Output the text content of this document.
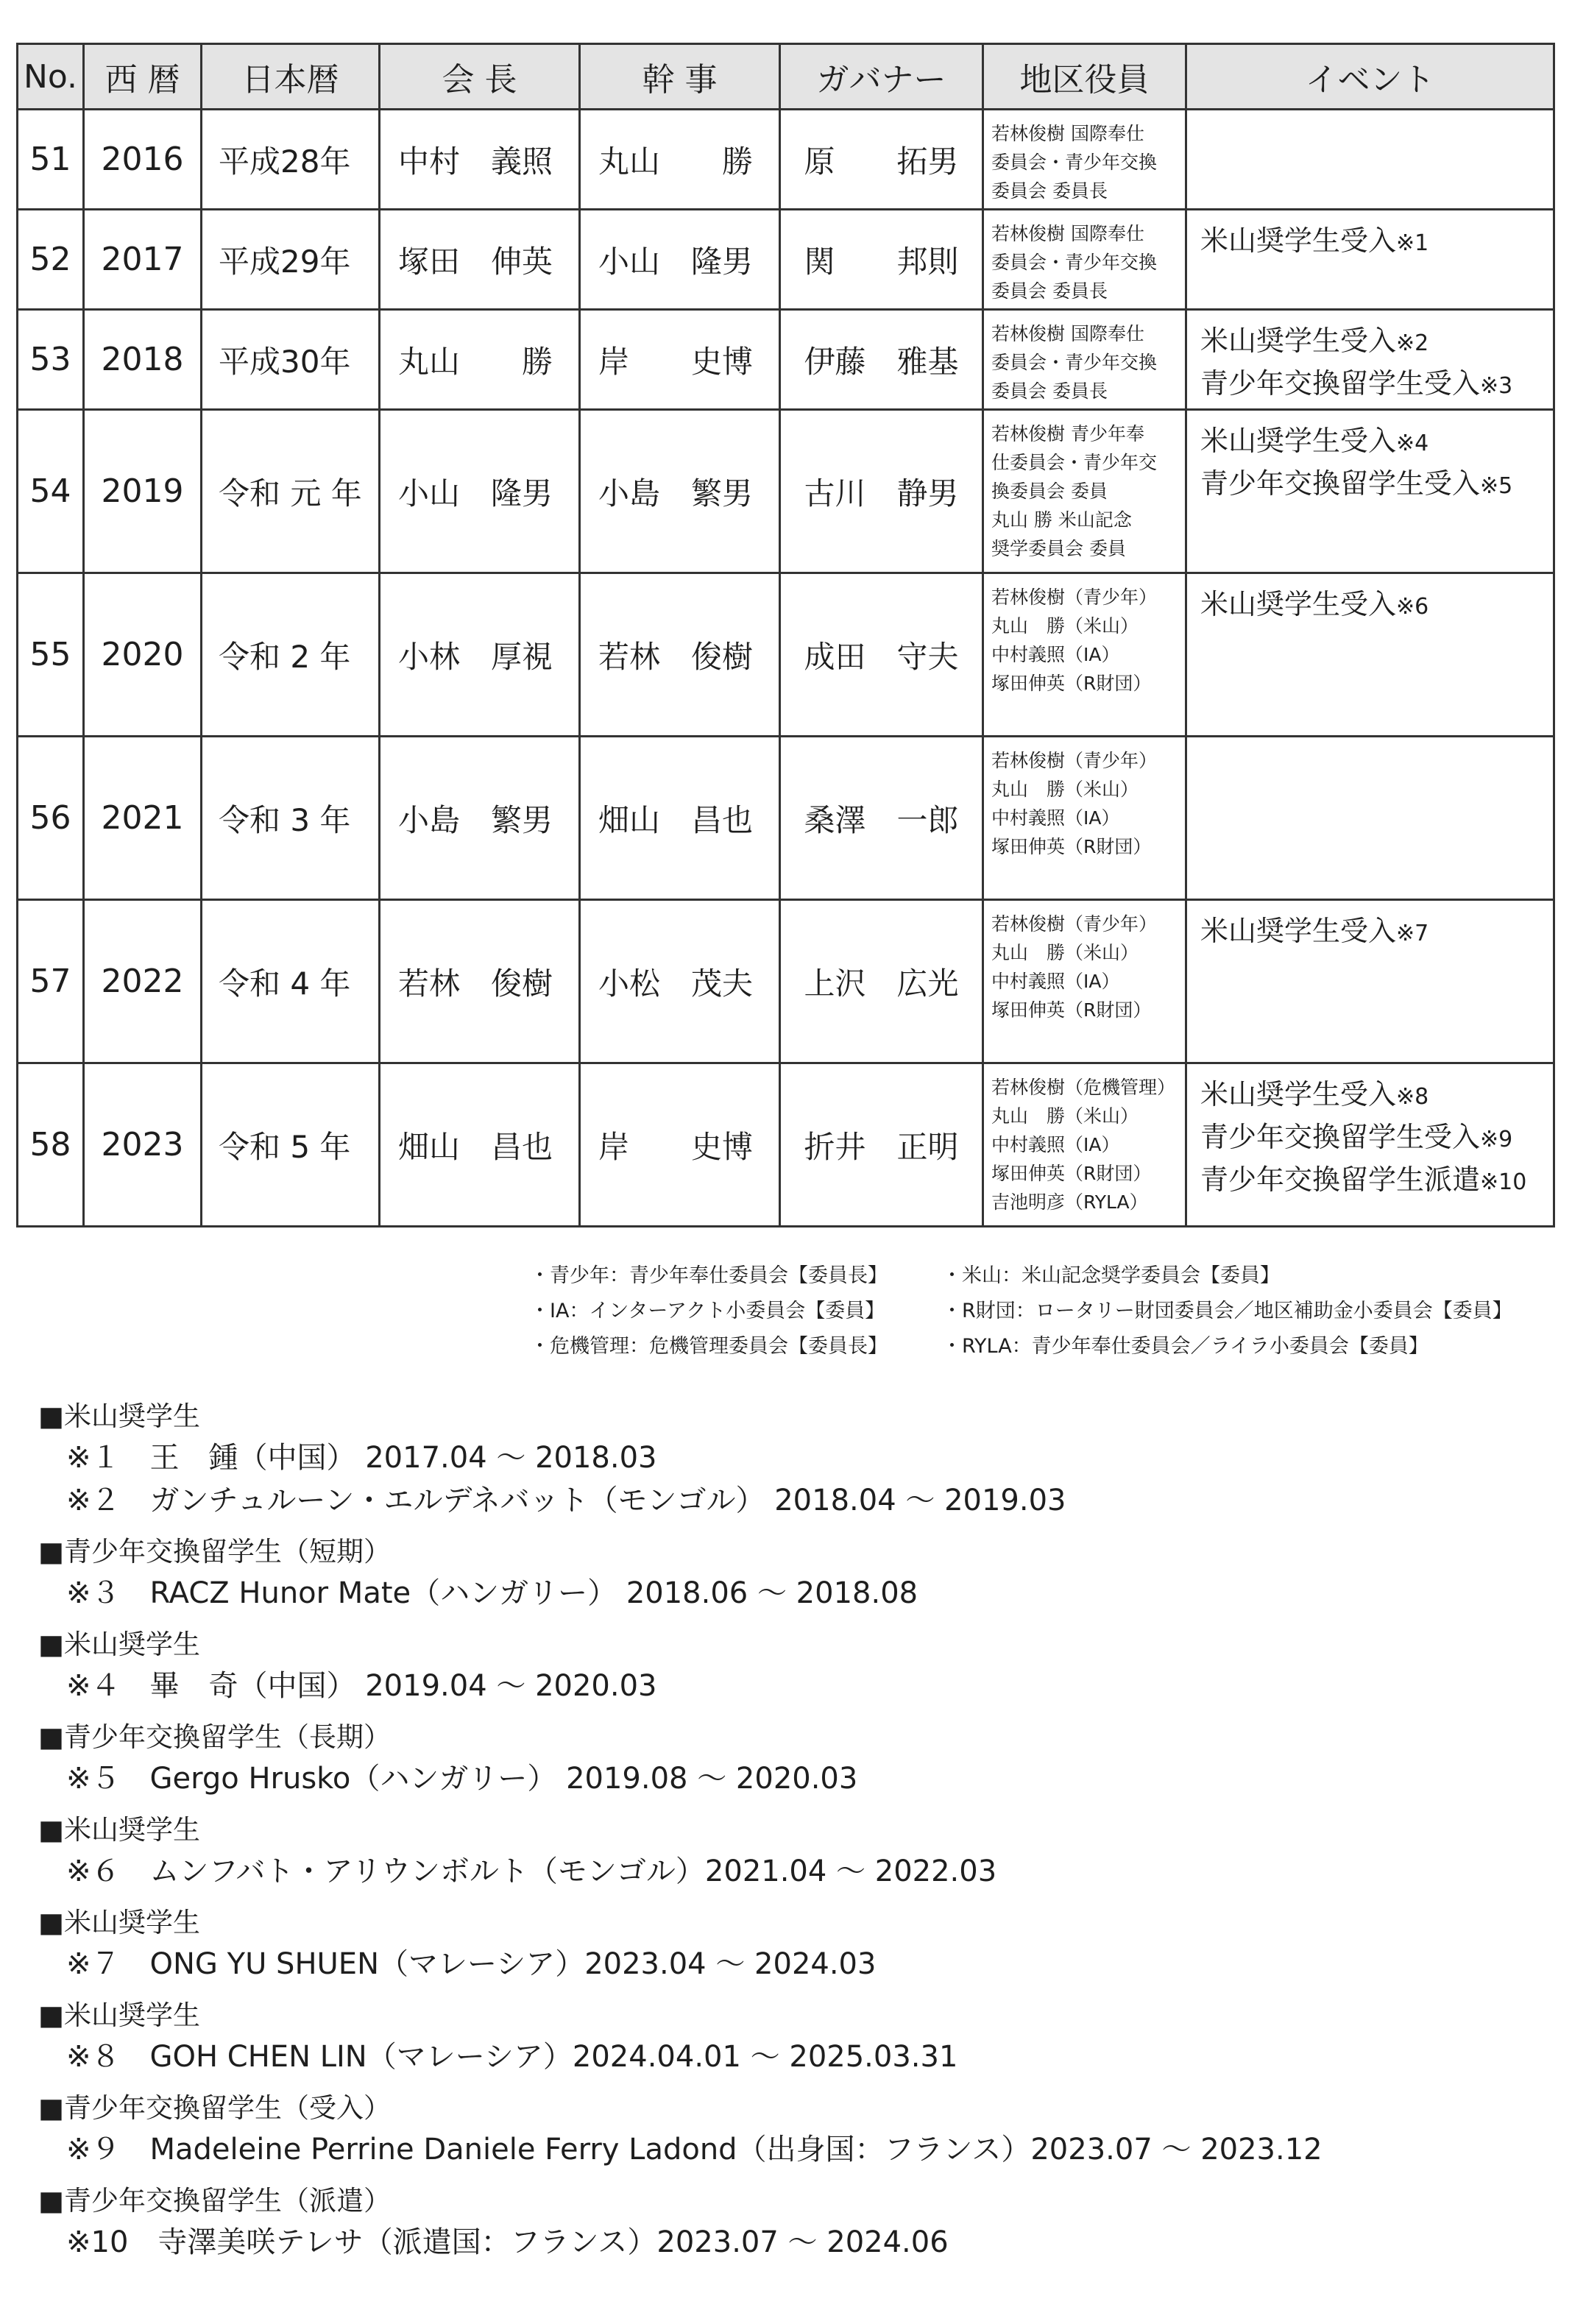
No.	西 暦	日本暦	会 長	幹 事	ガバナー	地区役員	イベント
51	2016	平成28年	中村　義照	丸山　　勝	原　　拓男	若林俊樹 国際奉仕
委員会・青少年交換
委員会 委員長	

52	2017	平成29年	塚田　伸英	小山　隆男	関　　邦則	若林俊樹 国際奉仕
委員会・青少年交換
委員会 委員長	米山奨学生受入※1

53	2018	平成30年	丸山　　勝	岸　　史博	伊藤　雅基	若林俊樹 国際奉仕
委員会・青少年交換
委員会 委員長	米山奨学生受入※2
青少年交換留学生受入※3

54	2019	令和 元 年	小山　隆男	小島　繁男	古川　静男	若林俊樹 青少年奉
仕委員会・青少年交
換委員会 委員
丸山 勝 米山記念
奨学委員会 委員	米山奨学生受入※4
青少年交換留学生受入※5

55	2020	令和 2 年	小林　厚視	若林　俊樹	成田　守夫	若林俊樹（青少年）
丸山　勝（米山）
中村義照（IA）
塚田伸英（R財団）	米山奨学生受入※6

56	2021	令和 3 年	小島　繁男	畑山　昌也	桑澤　一郎	若林俊樹（青少年）
丸山　勝（米山）
中村義照（IA）
塚田伸英（R財団）	

57	2022	令和 4 年	若林　俊樹	小松　茂夫	上沢　広光	若林俊樹（青少年）
丸山　勝（米山）
中村義照（IA）
塚田伸英（R財団）	米山奨学生受入※7

58	2023	令和 5 年	畑山　昌也	岸　　史博	折井　正明	若林俊樹（危機管理）
丸山　勝（米山）
中村義照（IA）
塚田伸英（R財団）
吉池明彦（RYLA）	米山奨学生受入※8
青少年交換留学生受入※9
青少年交換留学生派遣※10
・青少年：青少年奉仕委員会【委員長】	・米山：米山記念奨学委員会【委員】
・IA：インターアクト小委員会【委員】	・R財団：ロータリー財団委員会／地区補助金小委員会【委員】
・危機管理：危機管理委員会【委員長】	・RYLA：青少年奉仕委員会／ライラ小委員会【委員】
■米山奨学生
※１　王　鍾（中国） 2017.04 ～ 2018.03
※２　ガンチュルーン・エルデネバット（モンゴル） 2018.04 ～ 2019.03
■青少年交換留学生（短期）
※３　RACZ Hunor Mate（ハンガリー） 2018.06 ～ 2018.08
■米山奨学生
※４　畢　奇（中国） 2019.04 ～ 2020.03
■青少年交換留学生（長期）
※５　Gergo Hrusko（ハンガリー） 2019.08 ～ 2020.03
■米山奨学生
※６　ムンフバト・アリウンボルト（モンゴル）2021.04 ～ 2022.03
■米山奨学生
※７　ONG YU SHUEN（マレーシア）2023.04 ～ 2024.03
■米山奨学生
※８　GOH CHEN LIN（マレーシア）2024.04.01 ～ 2025.03.31
■青少年交換留学生（受入）
※９　Madeleine Perrine Daniele Ferry Ladond（出身国：フランス）2023.07 ～ 2023.12
■青少年交換留学生（派遣）
※10　寺澤美咲テレサ（派遣国：フランス）2023.07 ～ 2024.06
